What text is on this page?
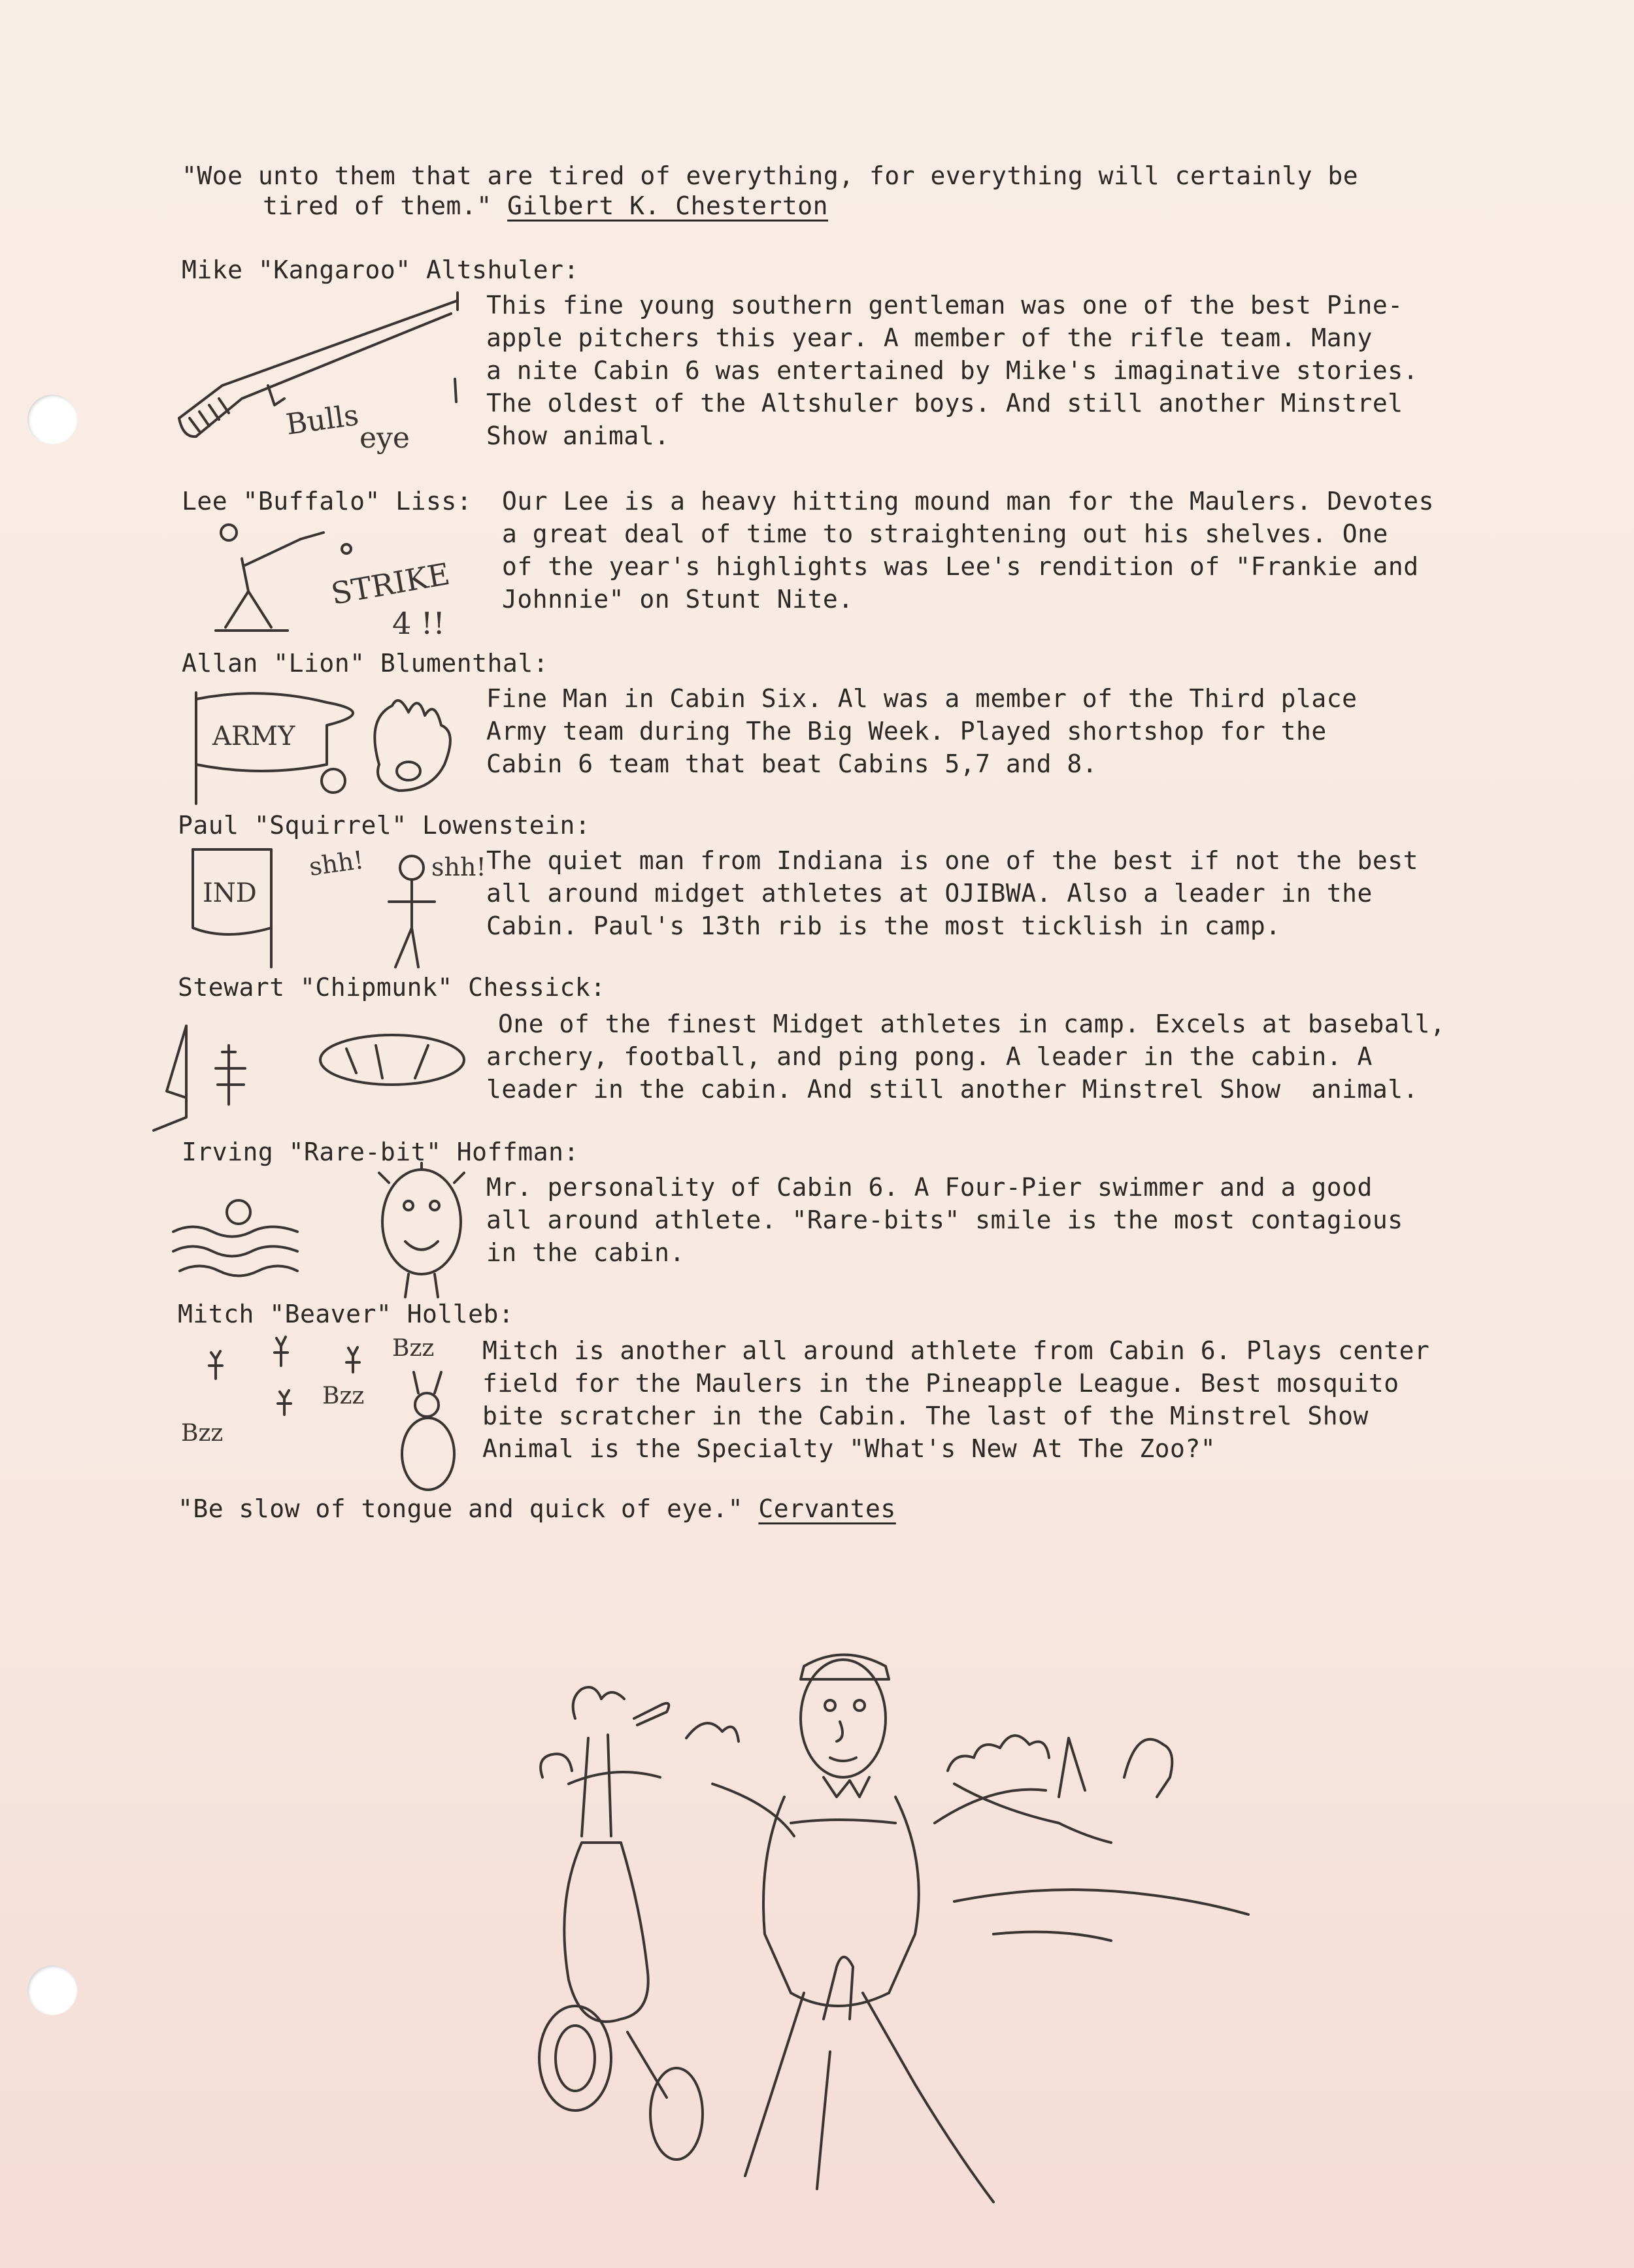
"Woe unto them that are tired of everything, for everything will certainly be
tired of them." Gilbert K. Chesterton
Mike "Kangaroo" Altshuler:
This fine young southern gentleman was one of the best Pine-
apple pitchers this year. A member of the rifle team. Many
a nite Cabin 6 was entertained by Mike's imaginative stories.
The oldest of the Altshuler boys. And still another Minstrel
Show animal.
Bulls
eye
Lee "Buffalo" Liss: Our Lee is a heavy hitting mound man for the Maulers. Devotes
a great deal of time to straightening out his shelves. One
of the year's highlights was Lee's rendition of "Frankie and
Johnnie" on Stunt Nite.
STRIKE
4 !!
Allan "Lion" Blumenthal:
Fine Man in Cabin Six. Al was a member of the Third place
Army team during The Big Week. Played shortshop for the
Cabin 6 team that beat Cabins 5,7 and 8.
ARMY
Paul "Squirrel" Lowenstein:
The quiet man from Indiana is one of the best if not the best
all around midget athletes at OJIBWA. Also a leader in the
Cabin. Paul's 13th rib is the most ticklish in camp.
IND
shh!	shh!
Stewart "Chipmunk" Chessick:
One of the finest Midget athletes in camp. Excels at baseball,
archery, football, and ping pong. A leader in the cabin. A
leader in the cabin. And still another Minstrel Show  animal.
Irving "Rare-bit" Hoffman:
Mr. personality of Cabin 6. A Four-Pier swimmer and a good
all around athlete. "Rare-bits" smile is the most contagious
in the cabin.
Mitch "Beaver" Holleb:
Mitch is another all around athlete from Cabin 6. Plays center
field for the Maulers in the Pineapple League. Best mosquito
bite scratcher in the Cabin. The last of the Minstrel Show
Animal is the Specialty "What's New At The Zoo?"
Bzz
Bzz
Bzz
"Be slow of tongue and quick of eye." Cervantes
